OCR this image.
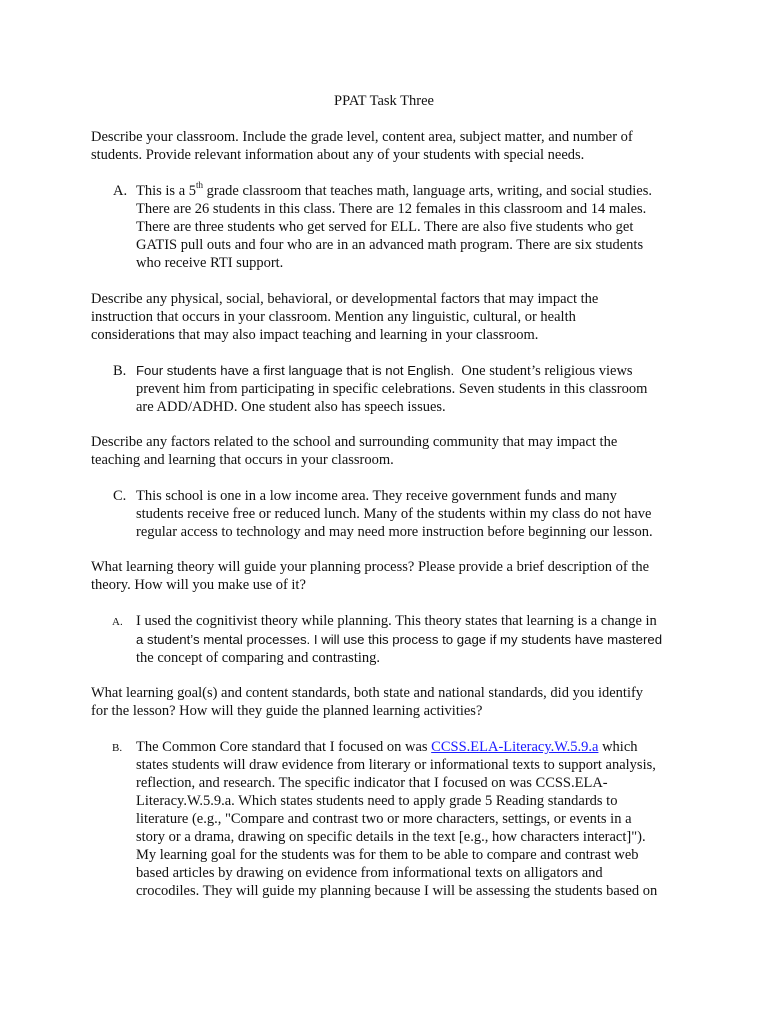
PPAT Task Three
Describe your classroom. Include the grade level, content area, subject matter, and number of
students. Provide relevant information about any of your students with special needs.
A. This is a 5th grade classroom that teaches math, language arts, writing, and social studies.
There are 26 students in this class. There are 12 females in this classroom and 14 males.
There are three students who get served for ELL. There are also five students who get
GATIS pull outs and four who are in an advanced math program. There are six students
who receive RTI support.
Describe any physical, social, behavioral, or developmental factors that may impact the
instruction that occurs in your classroom. Mention any linguistic, cultural, or health
considerations that may also impact teaching and learning in your classroom.
B. Four students have a first language that is not English. One student’s religious views
prevent him from participating in specific celebrations. Seven students in this classroom
are ADD/ADHD. One student also has speech issues.
Describe any factors related to the school and surrounding community that may impact the
teaching and learning that occurs in your classroom.
C. This school is one in a low income area. They receive government funds and many
students receive free or reduced lunch. Many of the students within my class do not have
regular access to technology and may need more instruction before beginning our lesson.
What learning theory will guide your planning process? Please provide a brief description of the
theory. How will you make use of it?
A. I used the cognitivist theory while planning. This theory states that learning is a change in
a student’s mental processes. I will use this process to gage if my students have mastered
the concept of comparing and contrasting.
What learning goal(s) and content standards, both state and national standards, did you identify
for the lesson? How will they guide the planned learning activities?
B. The Common Core standard that I focused on was CCSS.ELA-Literacy.W.5.9.a which
states students will draw evidence from literary or informational texts to support analysis,
reflection, and research. The specific indicator that I focused on was CCSS.ELA-
Literacy.W.5.9.a. Which states students need to apply grade 5 Reading standards to
literature (e.g., "Compare and contrast two or more characters, settings, or events in a
story or a drama, drawing on specific details in the text [e.g., how characters interact]").
My learning goal for the students was for them to be able to compare and contrast web
based articles by drawing on evidence from informational texts on alligators and
crocodiles. They will guide my planning because I will be assessing the students based on
